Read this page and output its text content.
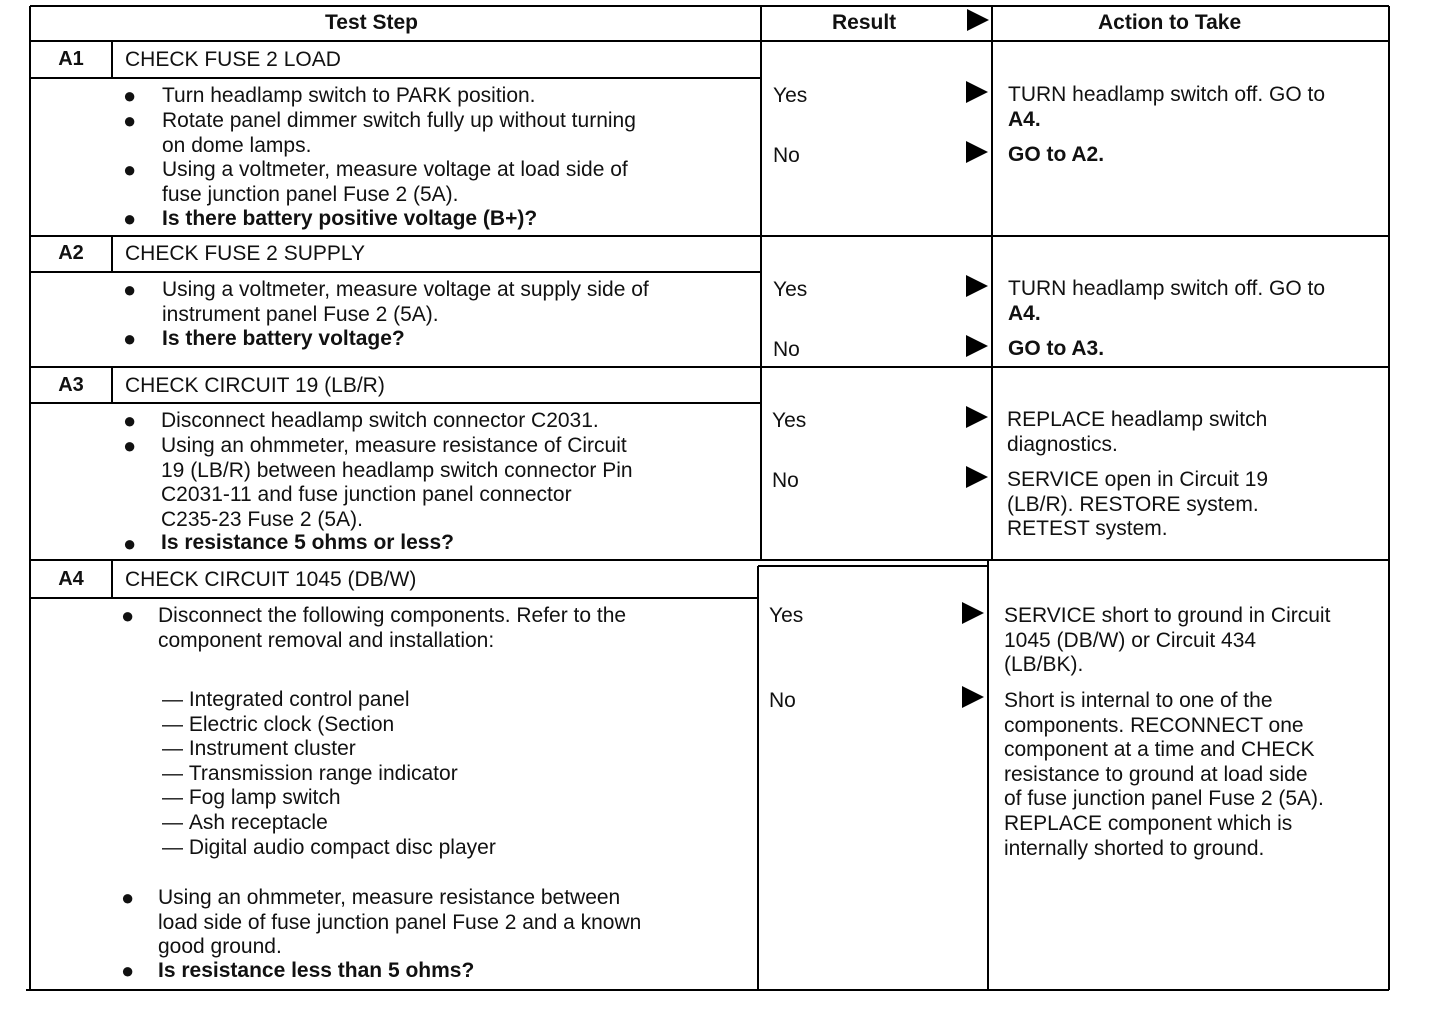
Test Step	Result	Action to Take
A1	CHECK FUSE 2 LOAD
● Turn headlamp switch to PARK position.
● Rotate panel dimmer switch fully up without turning
on dome lamps.
● Using a voltmeter, measure voltage at load side of
fuse junction panel Fuse 2 (5A).
● Is there battery positive voltage (B+)?
Yes	TURN headlamp switch off. GO to
A4.
No	GO to A2.
A2	CHECK FUSE 2 SUPPLY
● Using a voltmeter, measure voltage at supply side of
instrument panel Fuse 2 (5A).
● Is there battery voltage?
Yes	TURN headlamp switch off. GO to
A4.
No	GO to A3.
A3	CHECK CIRCUIT 19 (LB/R)
● Disconnect headlamp switch connector C2031.
● Using an ohmmeter, measure resistance of Circuit
19 (LB/R) between headlamp switch connector Pin
C2031-11 and fuse junction panel connector
C235-23 Fuse 2 (5A).
● Is resistance 5 ohms or less?
Yes	REPLACE headlamp switch
diagnostics.
No	SERVICE open in Circuit 19
(LB/R). RESTORE system.
RETEST system.
A4	CHECK CIRCUIT 1045 (DB/W)
● Disconnect the following components. Refer to the
component removal and installation:
— Integrated control panel
— Electric clock (Section
— Instrument cluster
— Transmission range indicator
— Fog lamp switch
— Ash receptacle
— Digital audio compact disc player
● Using an ohmmeter, measure resistance between
load side of fuse junction panel Fuse 2 and a known
good ground.
● Is resistance less than 5 ohms?
Yes	SERVICE short to ground in Circuit
1045 (DB/W) or Circuit 434
(LB/BK).
No	Short is internal to one of the
components. RECONNECT one
component at a time and CHECK
resistance to ground at load side
of fuse junction panel Fuse 2 (5A).
REPLACE component which is
internally shorted to ground.
